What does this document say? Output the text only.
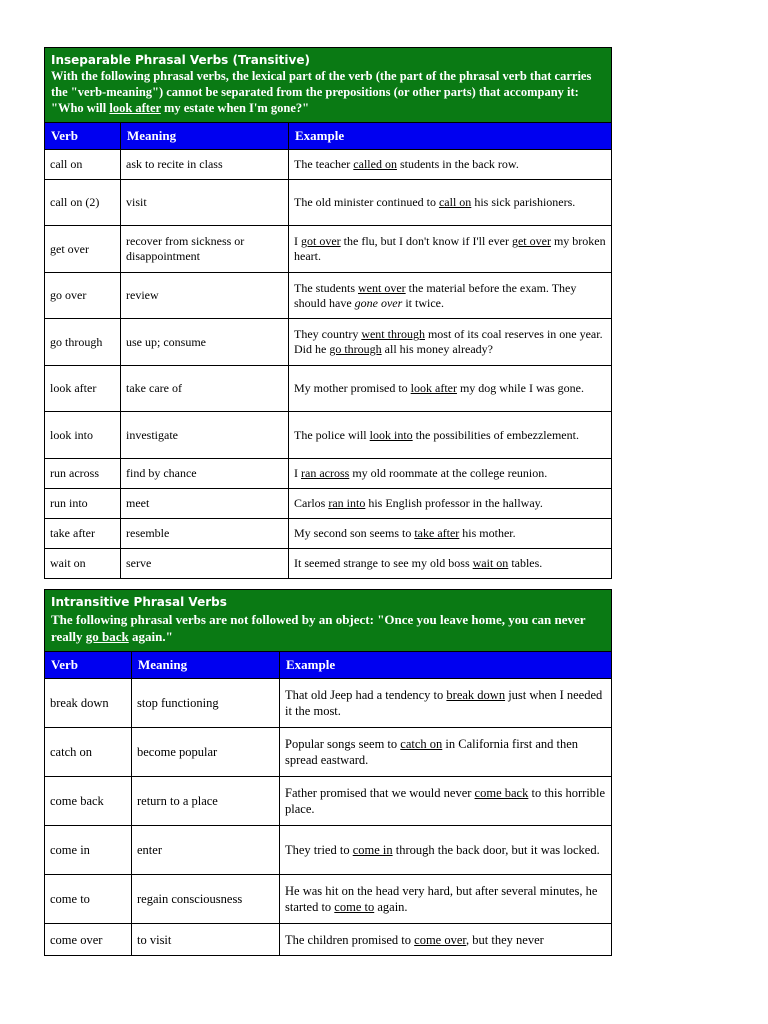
Inseparable Phrasal Verbs (Transitive)
With the following phrasal verbs, the lexical part of the verb (the part of the phrasal verb that carries the "verb-meaning") cannot be separated from the prepositions (or other parts) that accompany it: "Who will look after my estate when I'm gone?"		
Verb	Meaning	Example
call on	ask to recite in class	The teacher called on students in the back row.
call on (2)	visit	The old minister continued to call on his sick parishioners.
get over	recover from sickness or disappointment	I got over the flu, but I don't know if I'll ever get over my broken heart.
go over	review	The students went over the material before the exam. They should have gone over it twice.
go through	use up; consume	They country went through most of its coal reserves in one year. Did he go through all his money already?
look after	take care of	My mother promised to look after my dog while I was gone.
look into	investigate	The police will look into the possibilities of embezzlement.
run across	find by chance	I ran across my old roommate at the college reunion.
run into	meet	Carlos ran into his English professor in the hallway.
take after	resemble	My second son seems to take after his mother.
wait on	serve	It seemed strange to see my old boss wait on tables.
Intransitive Phrasal Verbs
The following phrasal verbs are not followed by an object: "Once you leave home, you can never really go back again."		
Verb	Meaning	Example
break down	stop functioning	That old Jeep had a tendency to break down just when I needed it the most.
catch on	become popular	Popular songs seem to catch on in California first and then spread eastward.
come back	return to a place	Father promised that we would never come back to this horrible place.
come in	enter	They tried to come in through the back door, but it was locked.
come to	regain consciousness	He was hit on the head very hard, but after several minutes, he started to come to again.
come over	to visit	The children promised to come over, but they never
